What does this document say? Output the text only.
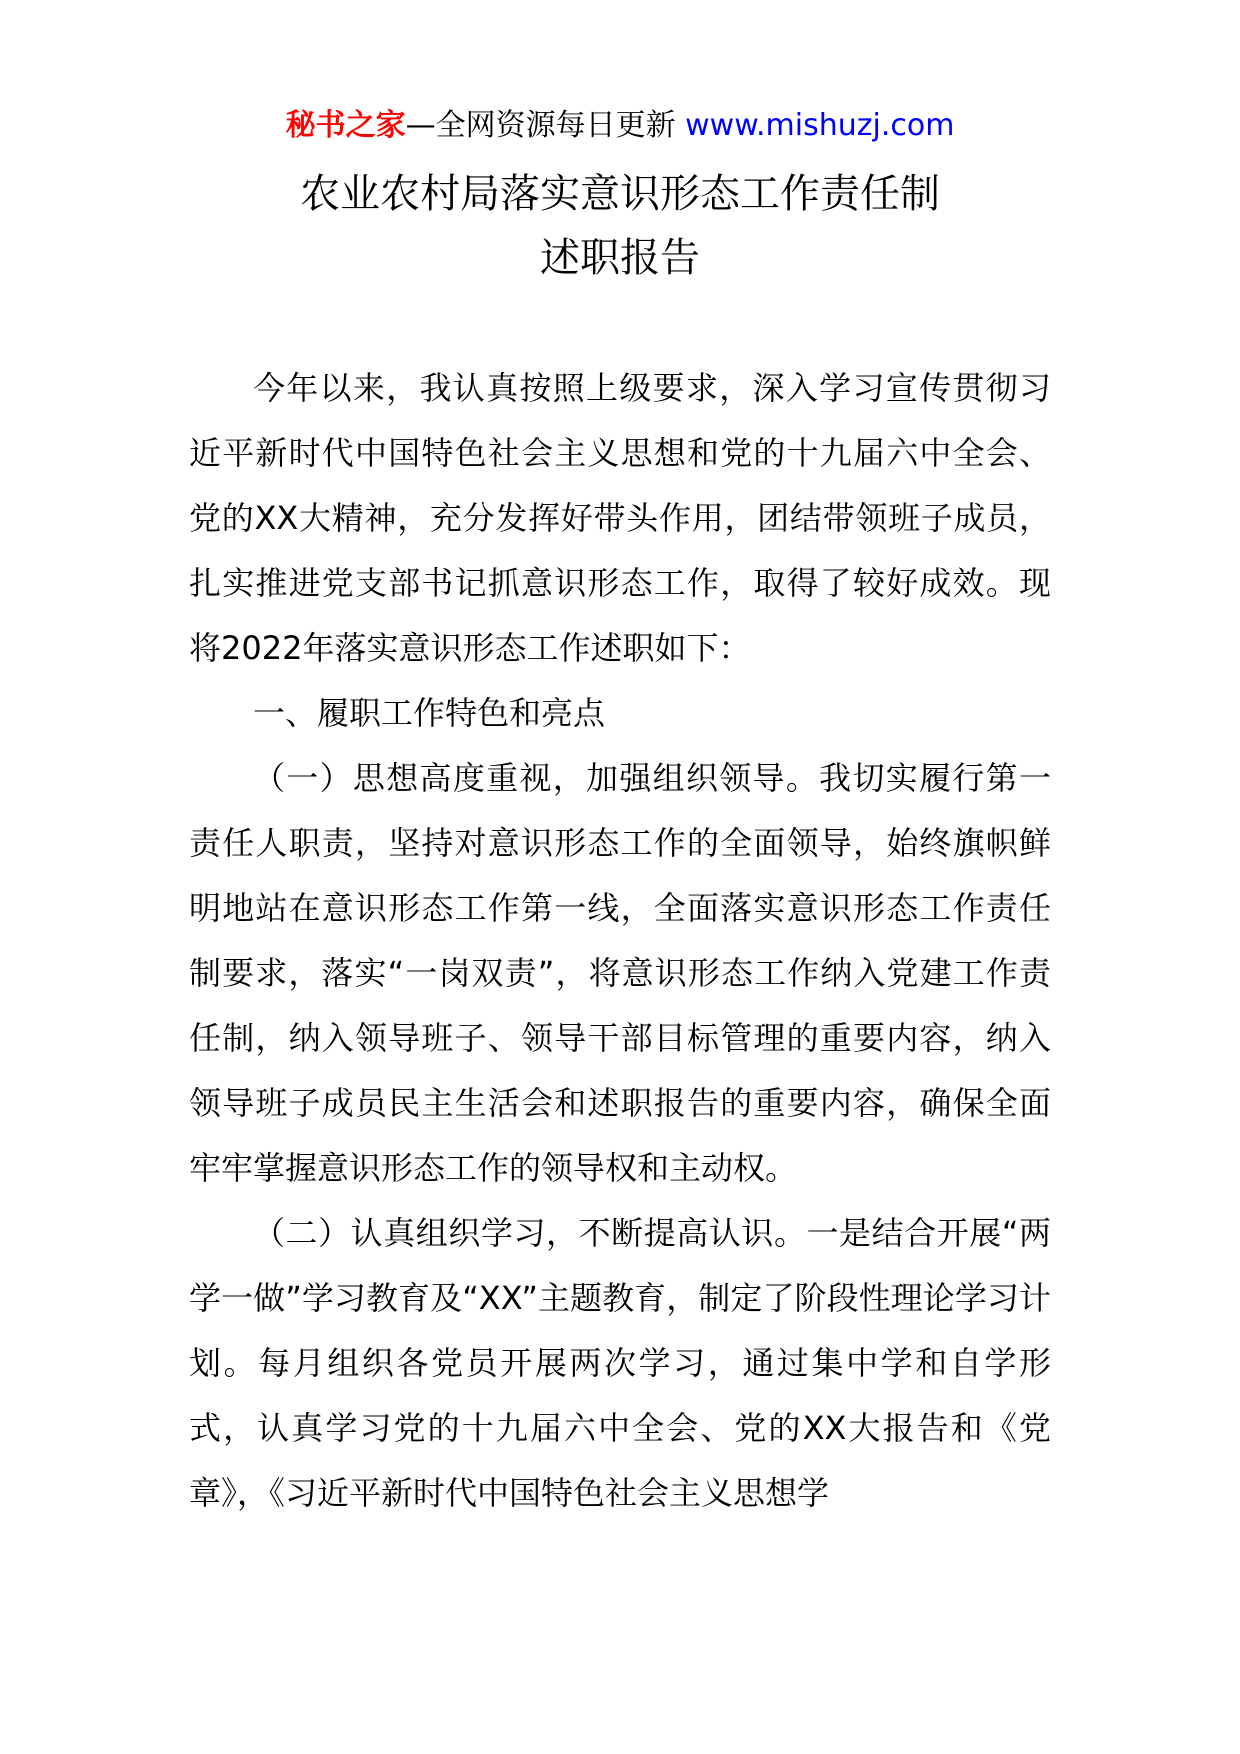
秘书之家—全网资源每日更新 www.mishuzj.com
农业农村局落实意识形态工作责任制
述职报告

今年以来，我认真按照上级要求，深入学习宣传贯彻习近平新时代中国特色社会主义思想和党的十九届六中全会、党的XX大精神，充分发挥好带头作用，团结带领班子成员，扎实推进党支部书记抓意识形态工作，取得了较好成效。现将2022年落实意识形态工作述职如下：

一、履职工作特色和亮点

（一）思想高度重视，加强组织领导。我切实履行第一责任人职责，坚持对意识形态工作的全面领导，始终旗帜鲜明地站在意识形态工作第一线，全面落实意识形态工作责任制要求，落实“一岗双责”，将意识形态工作纳入党建工作责任制，纳入领导班子、领导干部目标管理的重要内容，纳入领导班子成员民主生活会和述职报告的重要内容，确保全面牢牢掌握意识形态工作的领导权和主动权。

（二）认真组织学习，不断提高认识。一是结合开展“两学一做”学习教育及“XX”主题教育，制定了阶段性理论学习计划。每月组织各党员开展两次学习，通过集中学和自学形式，认真学习党的十九届六中全会、党的XX大报告和《党章》，《习近平新时代中国特色社会主义思想学
